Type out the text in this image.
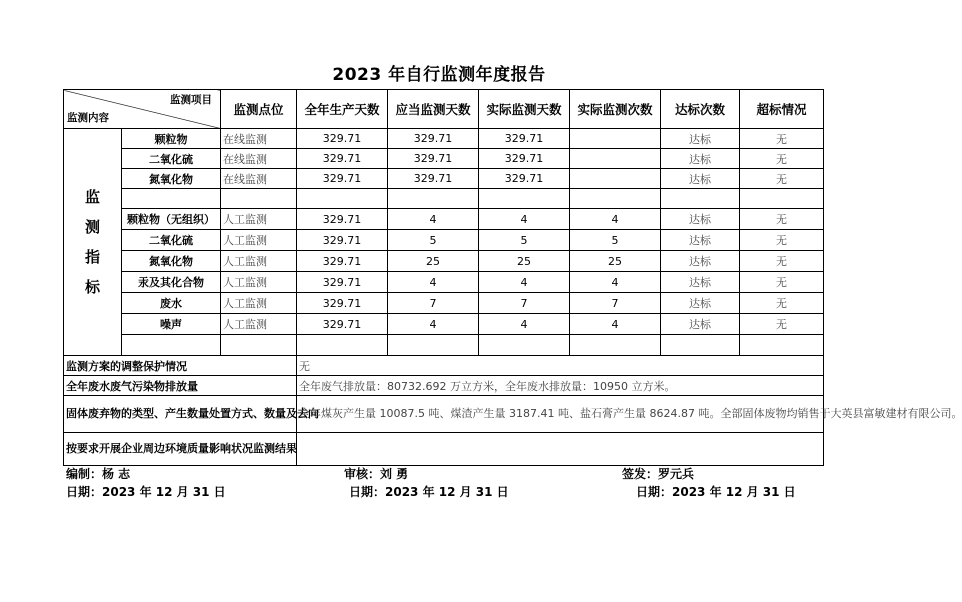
2023 年自行监测年度报告
监测项目
监测内容		监测点位	全年生产天数	应当监测天数	实际监测天数	实际监测次数	达标次数	超标情况

监
测
指
标	颗粒物	在线监测	329.71	329.71	329.71		达标	无
	二氧化硫	在线监测	329.71	329.71	329.71		达标	无
	氮氧化物	在线监测	329.71	329.71	329.71		达标	无

	颗粒物（无组织）	人工监测	329.71	4	4	4	达标	无
	二氧化硫	人工监测	329.71	5	5	5	达标	无
	氮氧化物	人工监测	329.71	25	25	25	达标	无
	汞及其化合物	人工监测	329.71	4	4	4	达标	无
	废水	人工监测	329.71	7	7	7	达标	无
	噪声	人工监测	329.71	4	4	4	达标	无

监测方案的调整保护情况			无					
全年废水废气污染物排放量			全年废气排放量：80732.692 万立方米，全年废水排放量：10950 立方米。					
固体废弃物的类型、产生数量处置方式、数量及去向			全年煤灰产生量 10087.5 吨、煤渣产生量 3187.41 吨、盐石膏产生量 8624.87 吨。全部固体废物均销售于大英县富敏建材有限公司。					
按要求开展企业周边环境质量影响状况监测结果								
编制：杨 志	审核：刘 勇	签发：罗元兵
日期：2023 年 12 月 31 日	日期：2023 年 12 月 31 日	日期：2023 年 12 月 31 日
